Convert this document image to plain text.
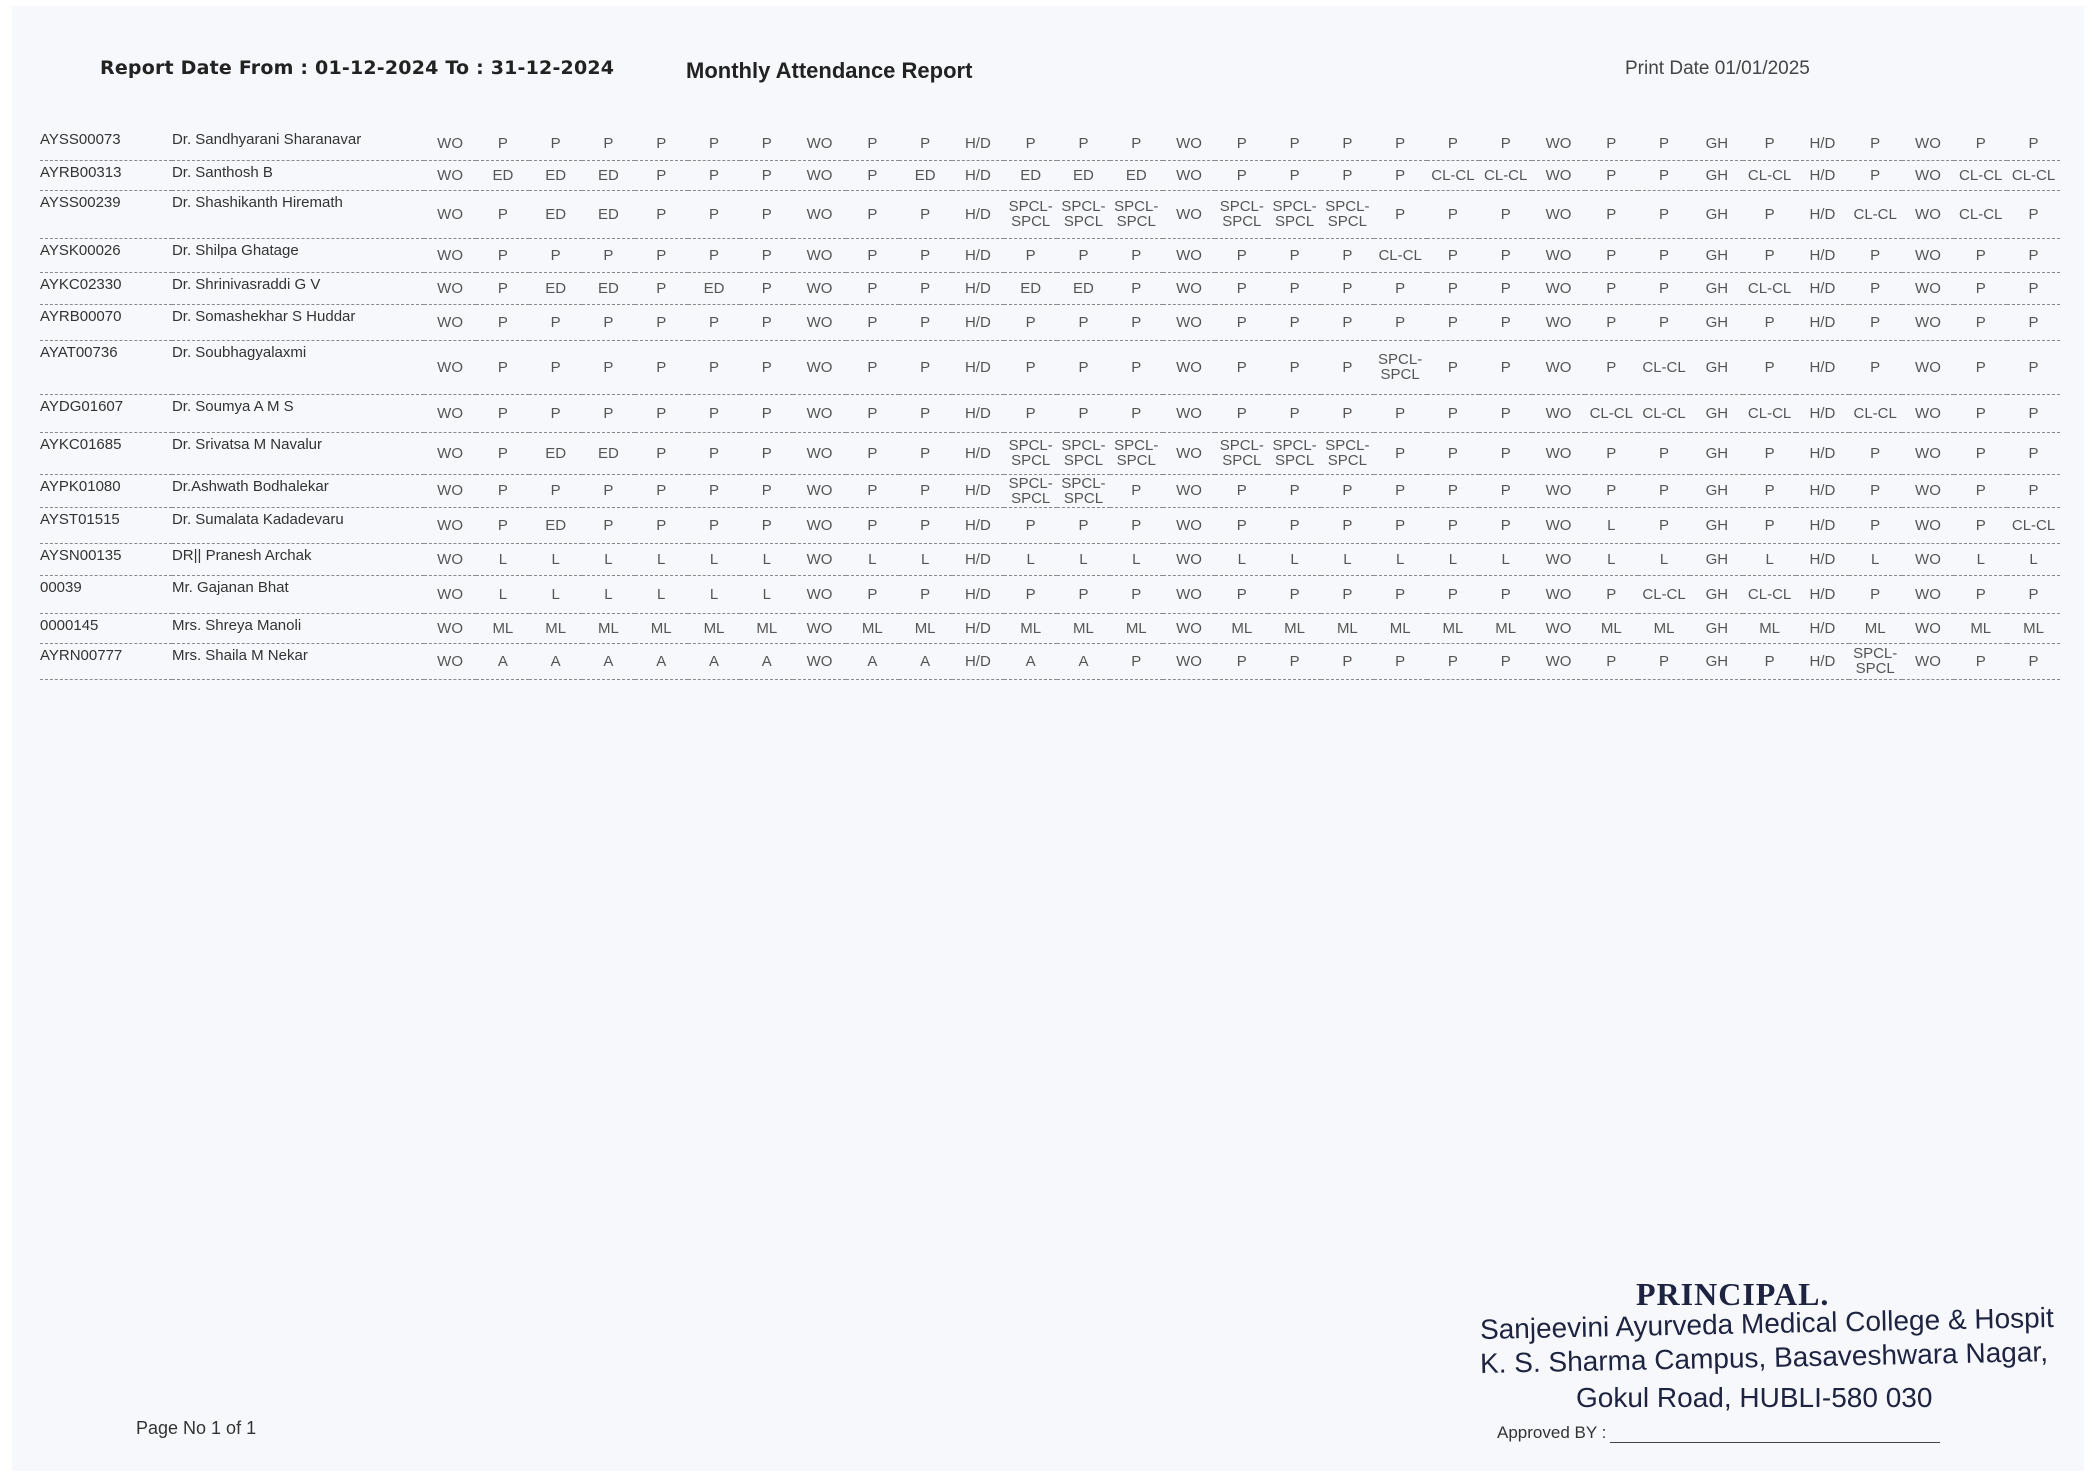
Report Date From : 01-12-2024 To : 31-12-2024	Monthly Attendance Report	Print Date 01/01/2025
AYSS00073	Dr. Sandhyarani Sharanavar	WO	P	P	P	P	P	P	WO	P	P	H/D	P	P	P	WO	P	P	P	P	P	P	WO	P	P	GH	P	H/D	P	WO	P	P
AYRB00313	Dr. Santhosh B	WO	ED	ED	ED	P	P	P	WO	P	ED	H/D	ED	ED	ED	WO	P	P	P	P	CL-CL	CL-CL	WO	P	P	GH	CL-CL	H/D	P	WO	CL-CL	CL-CL
AYSS00239	Dr. Shashikanth Hiremath	WO	P	ED	ED	P	P	P	WO	P	P	H/D	SPCL-SPCL	SPCL-SPCL	SPCL-SPCL	WO	SPCL-SPCL	SPCL-SPCL	SPCL-SPCL	P	P	P	WO	P	P	GH	P	H/D	CL-CL	WO	CL-CL	P
AYSK00026	Dr. Shilpa Ghatage	WO	P	P	P	P	P	P	WO	P	P	H/D	P	P	P	WO	P	P	P	CL-CL	P	P	WO	P	P	GH	P	H/D	P	WO	P	P
AYKC02330	Dr. Shrinivasraddi G V	WO	P	ED	ED	P	ED	P	WO	P	P	H/D	ED	ED	P	WO	P	P	P	P	P	P	WO	P	P	GH	CL-CL	H/D	P	WO	P	P
AYRB00070	Dr. Somashekhar S Huddar	WO	P	P	P	P	P	P	WO	P	P	H/D	P	P	P	WO	P	P	P	P	P	P	WO	P	P	GH	P	H/D	P	WO	P	P
AYAT00736	Dr. Soubhagyalaxmi	WO	P	P	P	P	P	P	WO	P	P	H/D	P	P	P	WO	P	P	P	SPCL-SPCL	P	P	WO	P	CL-CL	GH	P	H/D	P	WO	P	P
AYDG01607	Dr. Soumya A M S	WO	P	P	P	P	P	P	WO	P	P	H/D	P	P	P	WO	P	P	P	P	P	P	WO	CL-CL	CL-CL	GH	CL-CL	H/D	CL-CL	WO	P	P
AYKC01685	Dr. Srivatsa M Navalur	WO	P	ED	ED	P	P	P	WO	P	P	H/D	SPCL-SPCL	SPCL-SPCL	SPCL-SPCL	WO	SPCL-SPCL	SPCL-SPCL	SPCL-SPCL	P	P	P	WO	P	P	GH	P	H/D	P	WO	P	P
AYPK01080	Dr.Ashwath Bodhalekar	WO	P	P	P	P	P	P	WO	P	P	H/D	SPCL-SPCL	SPCL-SPCL	P	WO	P	P	P	P	P	P	WO	P	P	GH	P	H/D	P	WO	P	P
AYST01515	Dr. Sumalata Kadadevaru	WO	P	ED	P	P	P	P	WO	P	P	H/D	P	P	P	WO	P	P	P	P	P	P	WO	L	P	GH	P	H/D	P	WO	P	CL-CL
AYSN00135	DR|| Pranesh Archak	WO	L	L	L	L	L	L	WO	L	L	H/D	L	L	L	WO	L	L	L	L	L	L	WO	L	L	GH	L	H/D	L	WO	L	L
00039	Mr. Gajanan Bhat	WO	L	L	L	L	L	L	WO	P	P	H/D	P	P	P	WO	P	P	P	P	P	P	WO	P	CL-CL	GH	CL-CL	H/D	P	WO	P	P
0000145	Mrs. Shreya Manoli	WO	ML	ML	ML	ML	ML	ML	WO	ML	ML	H/D	ML	ML	ML	WO	ML	ML	ML	ML	ML	ML	WO	ML	ML	GH	ML	H/D	ML	WO	ML	ML
AYRN00777	Mrs. Shaila M Nekar	WO	A	A	A	A	A	A	WO	A	A	H/D	A	A	P	WO	P	P	P	P	P	P	WO	P	P	GH	P	H/D	SPCL-SPCL	WO	P	P
Page No 1 of 1
PRINCIPAL.
Sanjeevini Ayurveda Medical College & Hospit
K. S. Sharma Campus, Basaveshwara Nagar,
Gokul Road, HUBLI-580 030
Approved BY :
